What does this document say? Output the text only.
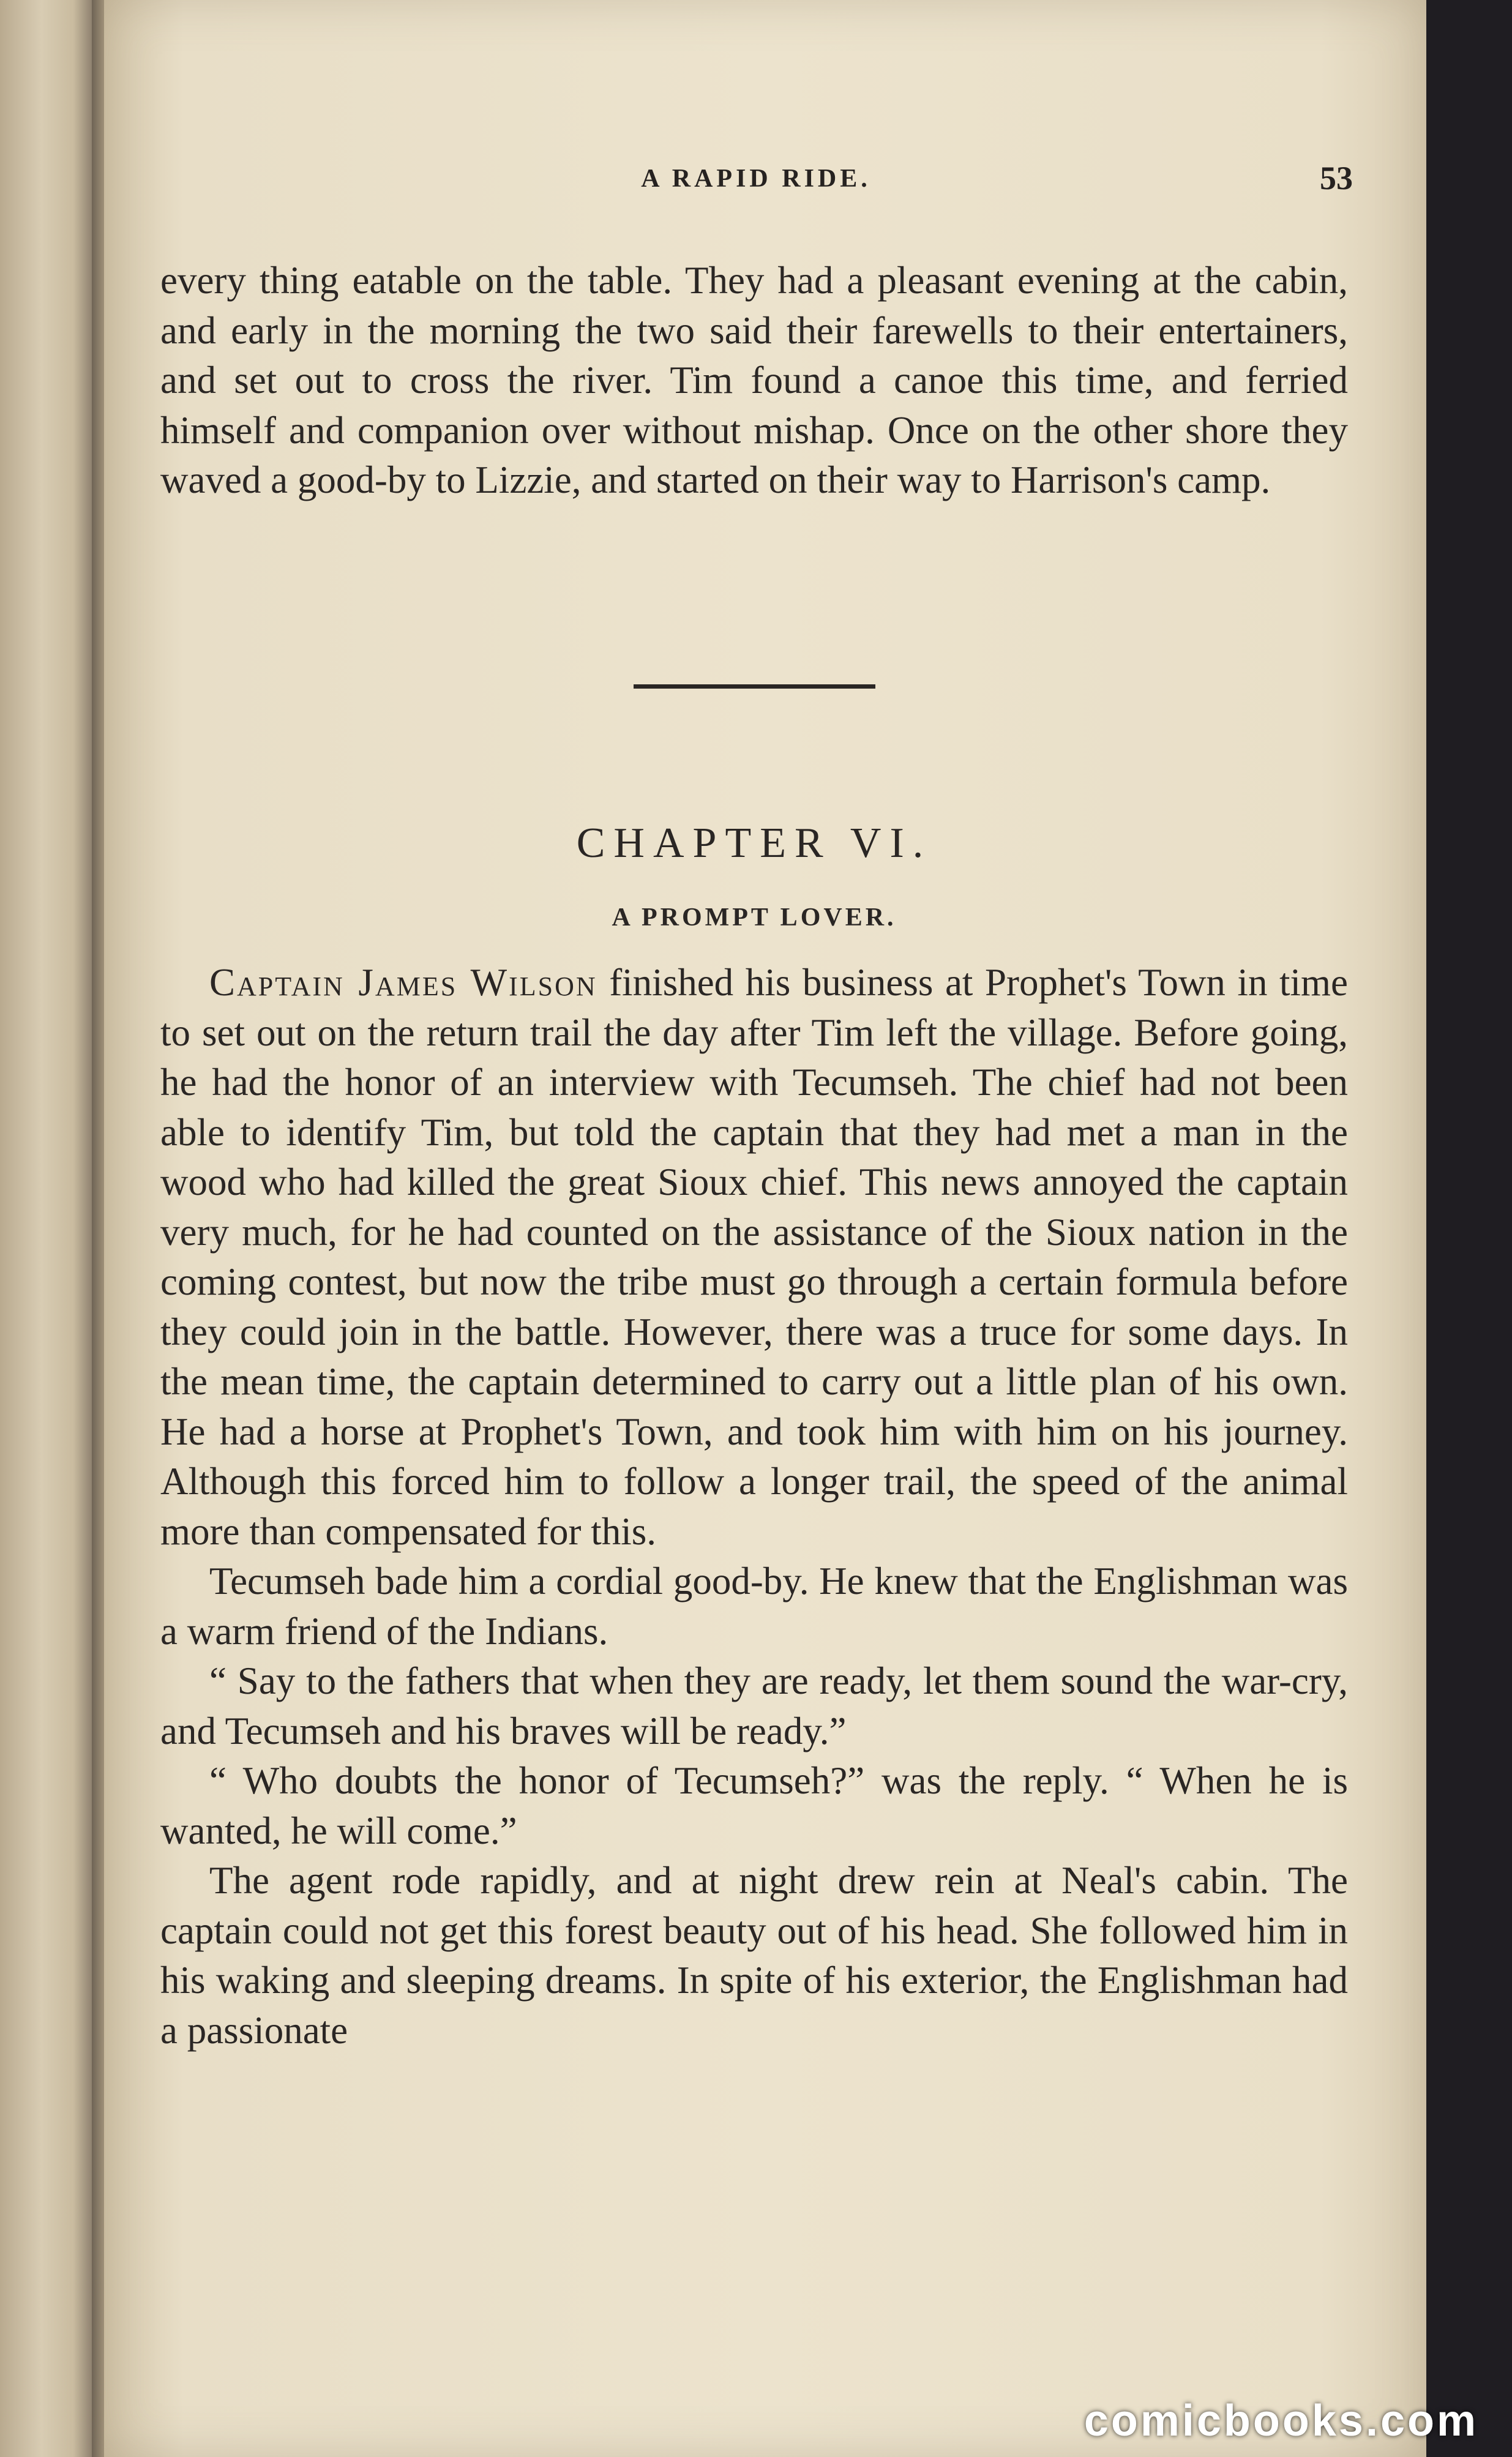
A RAPID RIDE.	53

every thing eatable on the table. They had a pleasant evening at the cabin, and early in the morning the two said their farewells to their entertainers, and set out to cross the river. Tim found a canoe this time, and ferried himself and companion over without mishap. Once on the other shore they waved a good-by to Lizzie, and started on their way to Harrison's camp.

CHAPTER VI.
A PROMPT LOVER.

Captain James Wilson finished his business at Prophet's Town in time to set out on the return trail the day after Tim left the village. Before going, he had the honor of an interview with Tecumseh. The chief had not been able to identify Tim, but told the captain that they had met a man in the wood who had killed the great Sioux chief. This news annoyed the captain very much, for he had counted on the assistance of the Sioux nation in the coming contest, but now the tribe must go through a certain formula before they could join in the battle. However, there was a truce for some days. In the mean time, the captain determined to carry out a little plan of his own. He had a horse at Prophet's Town, and took him with him on his journey. Although this forced him to follow a longer trail, the speed of the animal more than compensated for this.

Tecumseh bade him a cordial good-by. He knew that the Englishman was a warm friend of the Indians.

“ Say to the fathers that when they are ready, let them sound the war-cry, and Tecumseh and his braves will be ready.”

“ Who doubts the honor of Tecumseh?” was the reply. “ When he is wanted, he will come.”

The agent rode rapidly, and at night drew rein at Neal's cabin. The captain could not get this forest beauty out of his head. She followed him in his waking and sleeping dreams. In spite of his exterior, the Englishman had a passionate

comicbooks.com
